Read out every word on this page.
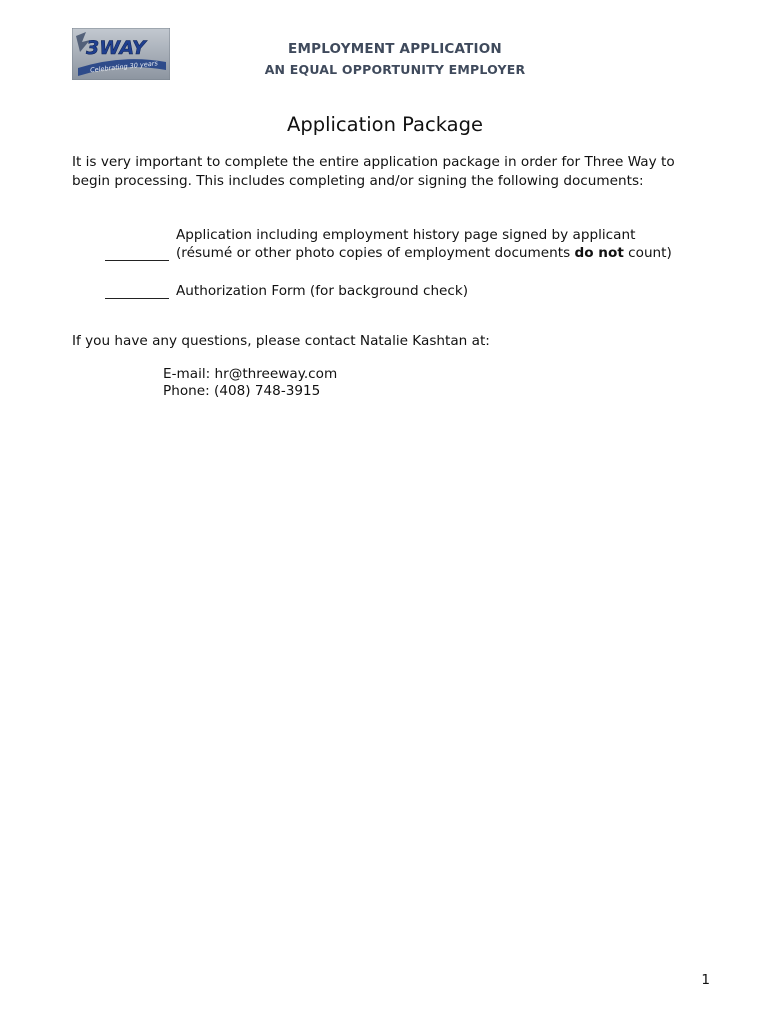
3WAY
Celebrating 30 years
EMPLOYMENT APPLICATION
AN EQUAL OPPORTUNITY EMPLOYER
Application Package
It is very important to complete the entire application package in order for Three Way to begin processing. This includes completing and/or signing the following documents:
Application including employment history page signed by applicant (résumé or other photo copies of employment documents do not count)
Authorization Form (for background check)
If you have any questions, please contact Natalie Kashtan at:
E-mail: hr@threeway.com
Phone: (408) 748-3915
1
